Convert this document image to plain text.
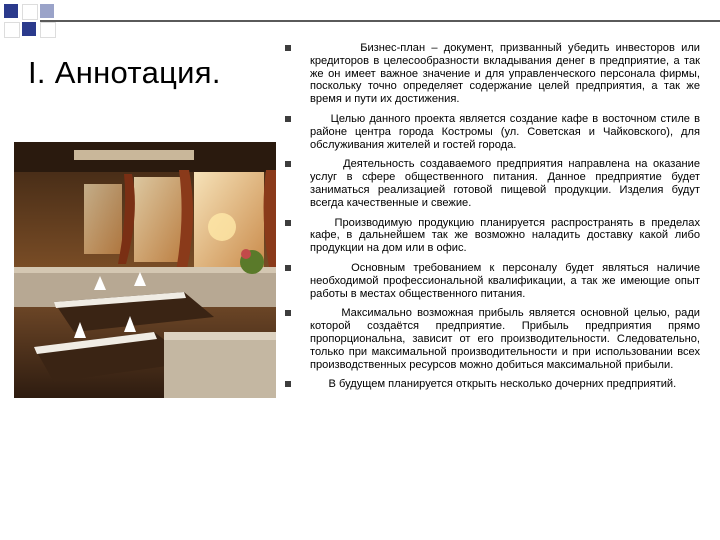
I. Аннотация.
Бизнес-план – документ, призванный убедить инвесторов или кредиторов в целесообразности вкладывания денег в предприятие, а так же он имеет важное значение и для управленческого персонала фирмы, поскольку точно определяет содержание целей предприятия, а так же время и пути их достижения.
Целью данного проекта является создание кафе в восточном стиле в районе центра города Костромы (ул. Советская и Чайковского), для обслуживания жителей и гостей города.
Деятельность создаваемого предприятия направлена на оказание услуг в сфере общественного питания. Данное предприятие будет заниматься реализацией готовой пищевой продукции. Изделия будут всегда качественные и свежие.
Производимую продукцию планируется распространять в пределах кафе, в дальнейшем так же возможно наладить доставку какой либо продукции на дом или в офис.
Основным требованием к персоналу будет являться наличие необходимой профессиональной квалификации, а так же имеющие опыт работы в местах общественного питания.
Максимально возможная прибыль является основной целью, ради которой создаётся предприятие. Прибыль предприятия прямо пропорциональна, зависит от его производительности. Следовательно, только при максимальной производительности и при использовании всех производственных ресурсов можно добиться максимальной прибыли.
В будущем планируется открыть несколько дочерних предприятий.
